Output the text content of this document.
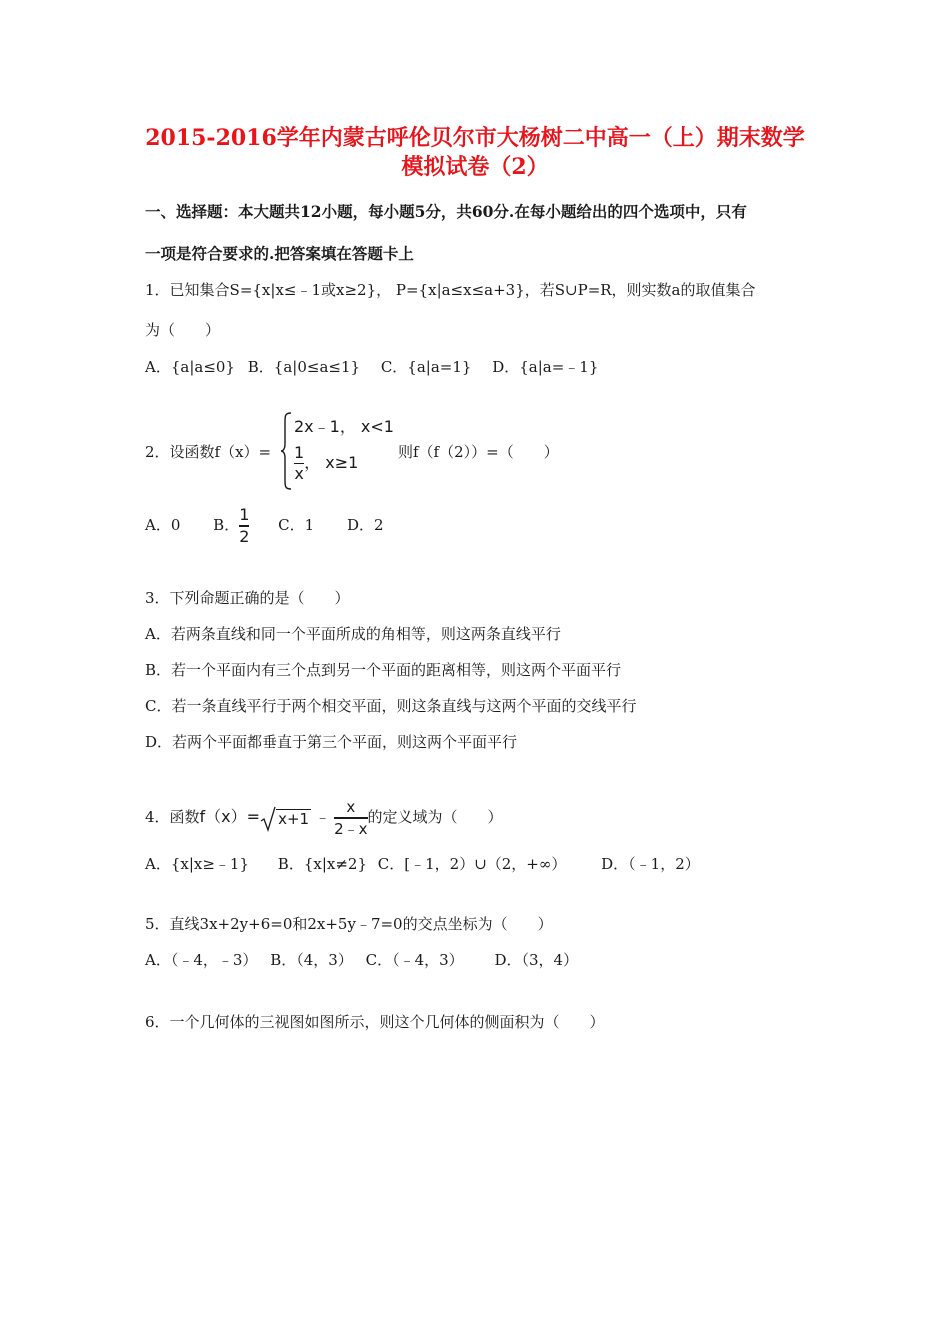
2015-2016学年内蒙古呼伦贝尔市大杨树二中高一（上）期末数学
模拟试卷（2）
一、选择题：本大题共12小题，每小题5分，共60分.在每小题给出的四个选项中，只有
一项是符合要求的.把答案填在答题卡上
1．已知集合S={x|x≤﹣1或x≥2}， P={x|a≤x≤a+3}，若S∪P=R，则实数a的取值集合
为（　　）
A．{a|a≤0} B．{a|0≤a≤1} C．{a|a=1} D．{a|a=﹣1}
2．设函数f（x）=
2x﹣1， x<1
$\frac{1}{x}$ ， x≥1
则f（f（2））=（　　）
A．0 B． $\frac{1}{2}$ C．1 D．2
3．下列命题正确的是（　　）
A．若两条直线和同一个平面所成的角相等，则这两条直线平行
B．若一个平面内有三个点到另一个平面的距离相等，则这两个平面平行
C．若一条直线平行于两个相交平面，则这条直线与这两个平面的交线平行
D．若两个平面都垂直于第三个平面，则这两个平面平行
4．函数f（x）= x+1 ﹣ $\frac{x}{2﹣x}$ 的定义域为（　　）
A．{x|x≥﹣1} B．{x|x≠2} C．[﹣1，2）∪（2，+∞） D．（﹣1，2）
5．直线3x+2y+6=0和2x+5y﹣7=0的交点坐标为（　　）
A．（﹣4，﹣3） B．（4，3） C．（﹣4，3） D．（3，4）
6．一个几何体的三视图如图所示，则这个几何体的侧面积为（　　）
